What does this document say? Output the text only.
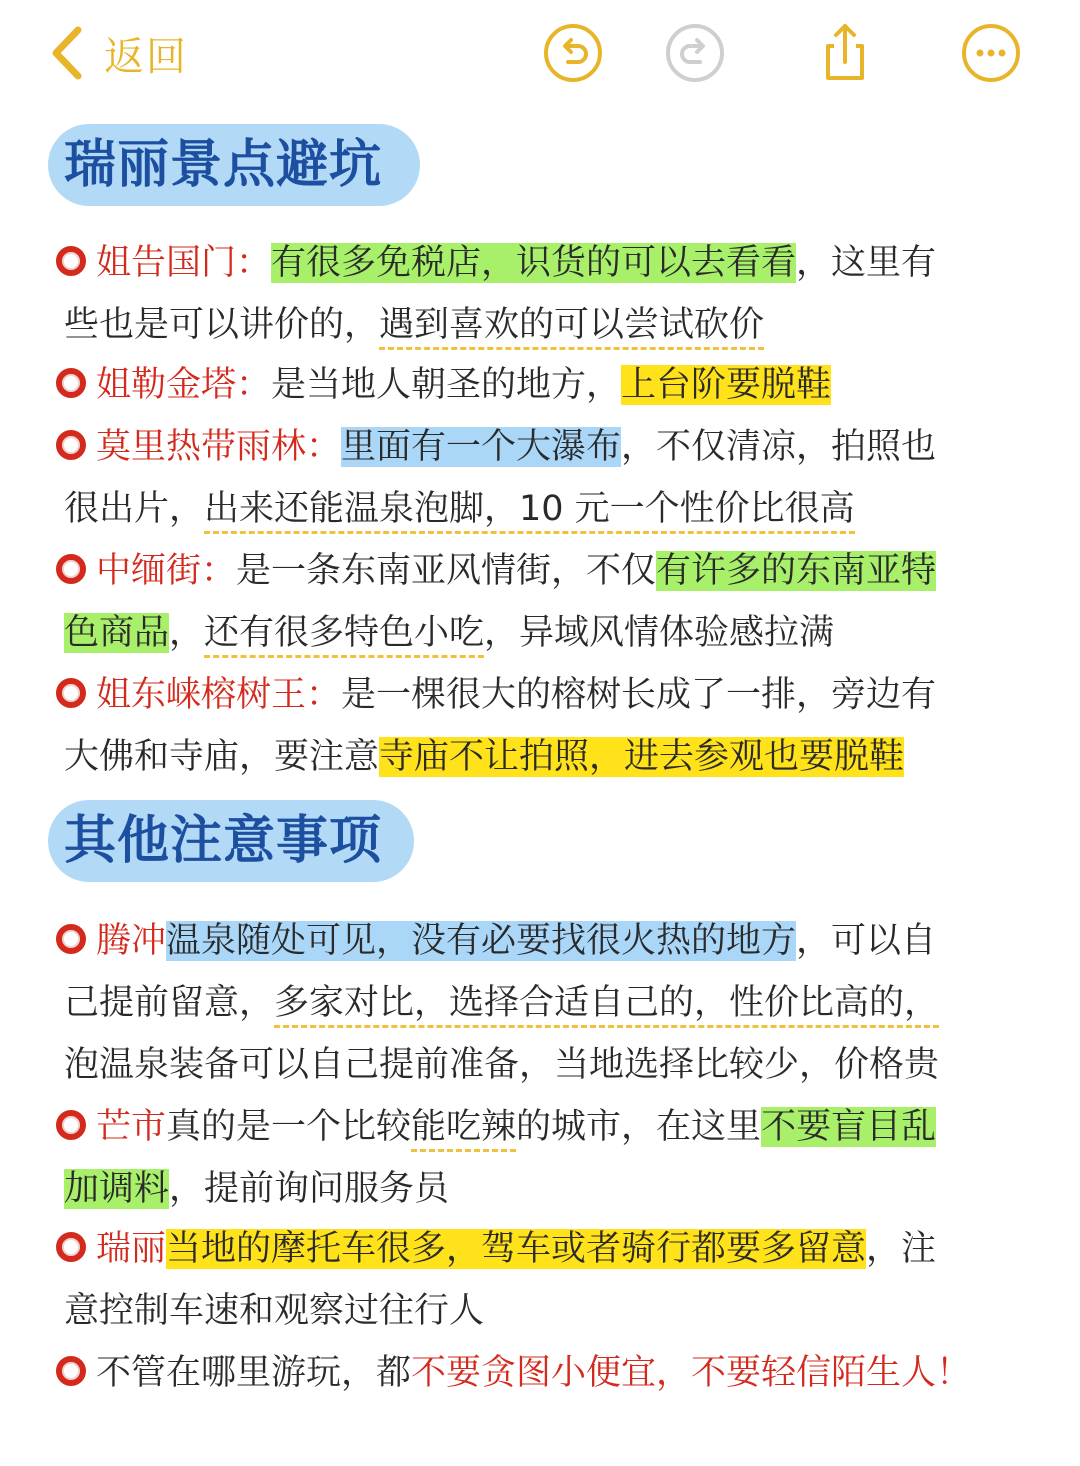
返回
瑞丽景点避坑
姐告国门：有很多免税店，识货的可以去看看，这里有
些也是可以讲价的，遇到喜欢的可以尝试砍价
姐勒金塔：是当地人朝圣的地方，上台阶要脱鞋
莫里热带雨林：里面有一个大瀑布，不仅清凉，拍照也
很出片，出来还能温泉泡脚，10 元一个性价比很高
中缅街：是一条东南亚风情街，不仅有许多的东南亚特
色商品，还有很多特色小吃，异域风情体验感拉满
姐东崃榕树王：是一棵很大的榕树长成了一排，旁边有
大佛和寺庙，要注意寺庙不让拍照，进去参观也要脱鞋
其他注意事项
腾冲温泉随处可见，没有必要找很火热的地方，可以自
己提前留意，多家对比，选择合适自己的，性价比高的，
泡温泉装备可以自己提前准备，当地选择比较少，价格贵
芒市真的是一个比较能吃辣的城市，在这里不要盲目乱
加调料，提前询问服务员
瑞丽当地的摩托车很多，驾车或者骑行都要多留意，注
意控制车速和观察过往行人
不管在哪里游玩，都不要贪图小便宜，不要轻信陌生人！
